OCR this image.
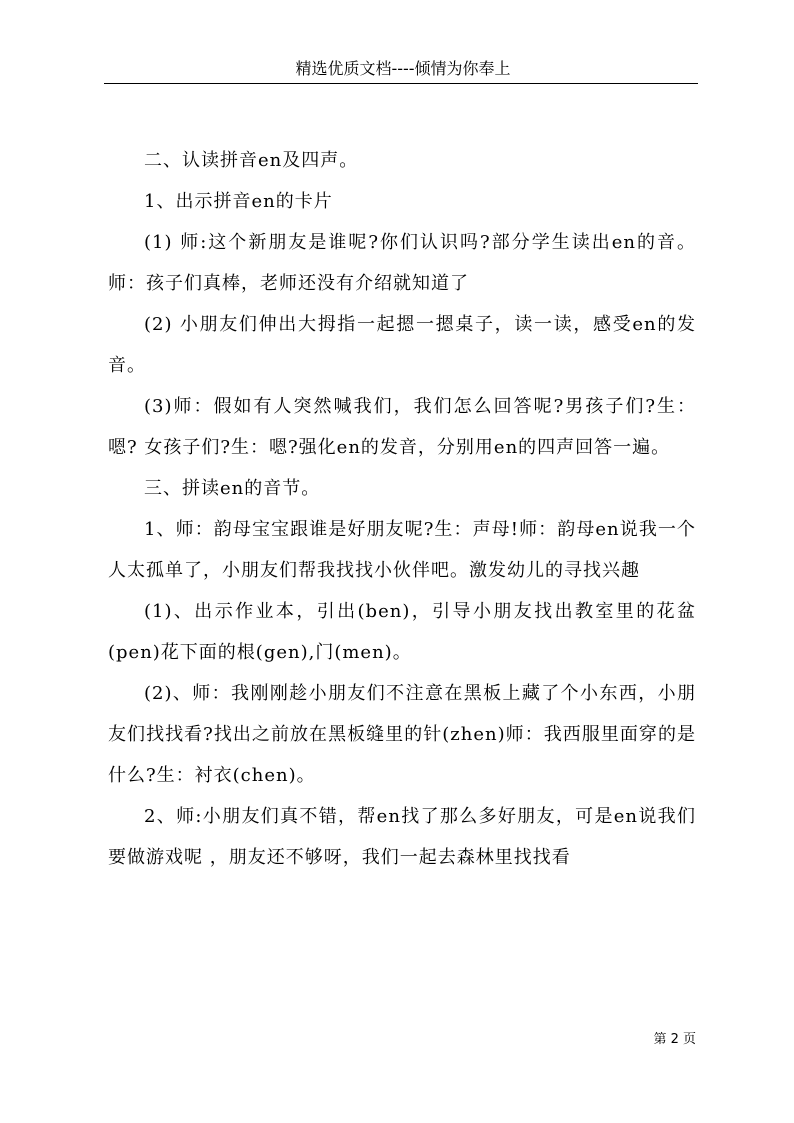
精选优质文档----倾情为你奉上

二、认读拼音en及四声。

1、出示拼音en的卡片

(1) 师:这个新朋友是谁呢?你们认识吗?部分学生读出en的音。师：孩子们真棒，老师还没有介绍就知道了

(2) 小朋友们伸出大拇指一起摁一摁桌子，读一读，感受en的发音。

(3)师：假如有人突然喊我们，我们怎么回答呢?男孩子们?生：嗯? 女孩子们?生：嗯?强化en的发音，分别用en的四声回答一遍。

三、拼读en的音节。

1、师：韵母宝宝跟谁是好朋友呢?生：声母!师：韵母en说我一个人太孤单了，小朋友们帮我找找小伙伴吧。激发幼儿的寻找兴趣

(1)、出示作业本，引出(ben)，引导小朋友找出教室里的花盆(pen)花下面的根(gen),门(men)。

(2)、师：我刚刚趁小朋友们不注意在黑板上藏了个小东西，小朋友们找找看?找出之前放在黑板缝里的针(zhen)师：我西服里面穿的是什么?生：衬衣(chen)。

2、师:小朋友们真不错，帮en找了那么多好朋友，可是en说我们要做游戏呢 ，朋友还不够呀，我们一起去森林里找找看

第 2 页
